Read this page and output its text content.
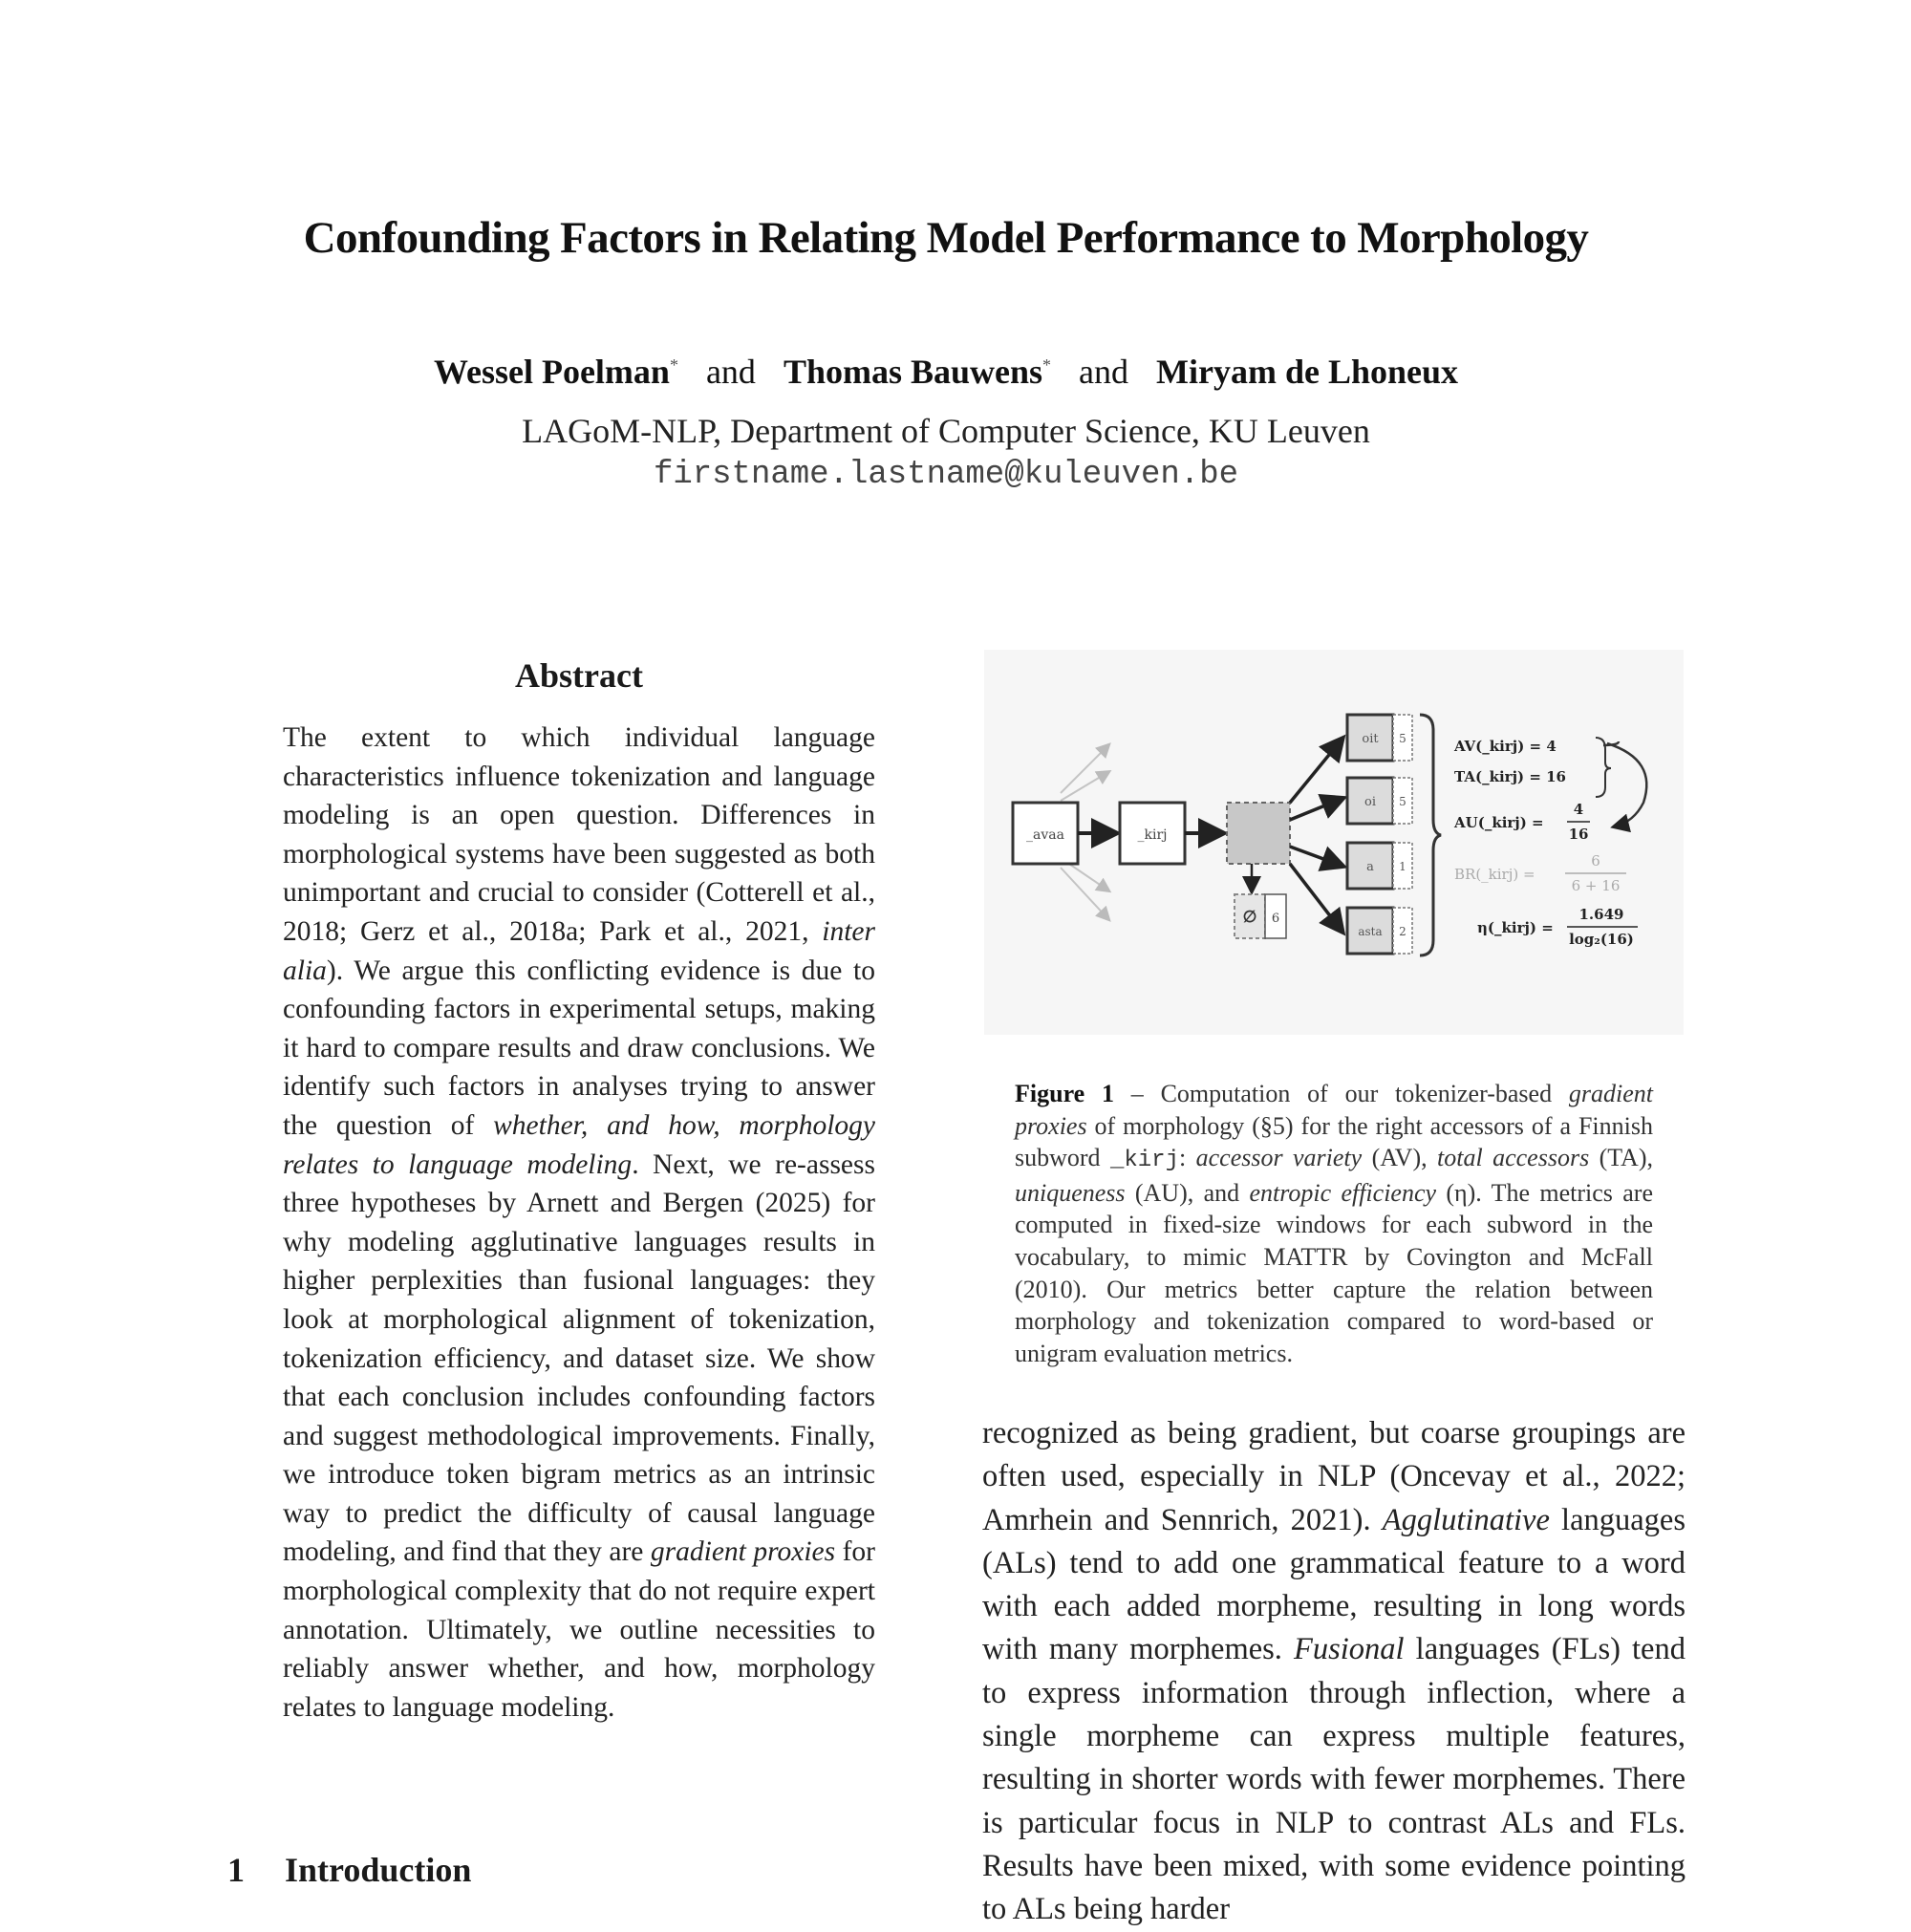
Confounding Factors in Relating Model Performance to Morphology
Wessel Poelman* and Thomas Bauwens* and Miryam de Lhoneux
LAGoM-NLP, Department of Computer Science, KU Leuven
firstname.lastname@kuleuven.be
Abstract
The extent to which individual language characteristics influence tokenization and language modeling is an open question. Differences in morphological systems have been suggested as both unimportant and crucial to consider (Cotterell et al., 2018; Gerz et al., 2018a; Park et al., 2021, inter alia). We argue this conflicting evidence is due to confounding factors in experimental setups, making it hard to compare results and draw conclusions. We identify such factors in analyses trying to answer the question of whether, and how, morphology relates to language modeling. Next, we re-assess three hypotheses by Arnett and Bergen (2025) for why modeling agglutinative languages results in higher perplexities than fusional languages: they look at morphological alignment of tokenization, tokenization efficiency, and dataset size. We show that each conclusion includes confounding factors and suggest methodological improvements. Finally, we introduce token bigram metrics as an intrinsic way to predict the difficulty of causal language modeling, and find that they are gradient proxies for morphological complexity that do not require expert annotation. Ultimately, we outline necessities to reliably answer whether, and how, morphology relates to language modeling.
1 Introduction
_avaa	_kirj
∅ 6
oit 5
oi 5
a 1
asta 2
AV(_kirj) = 4
TA(_kirj) = 16
AU(_kirj) =
4
16
BR(_kirj) =
6
6 + 16
η(_kirj) =
1.649
log₂(16)
Figure 1 – Computation of our tokenizer-based gradient proxies of morphology (§5) for the right accessors of a Finnish subword _kirj: accessor variety (AV), total accessors (TA), uniqueness (AU), and entropic efficiency (η). The metrics are computed in fixed-size windows for each subword in the vocabulary, to mimic MATTR by Covington and McFall (2010). Our metrics better capture the relation between morphology and tokenization compared to word-based or unigram evaluation metrics.
recognized as being gradient, but coarse groupings are often used, especially in NLP (Oncevay et al., 2022; Amrhein and Sennrich, 2021). Agglutinative languages (ALs) tend to add one grammatical feature to a word with each added morpheme, resulting in long words with many morphemes. Fusional languages (FLs) tend to express information through inflection, where a single morpheme can express multiple features, resulting in shorter words with fewer morphemes. There is particular focus in NLP to contrast ALs and FLs. Results have been mixed, with some evidence pointing to ALs being harder
